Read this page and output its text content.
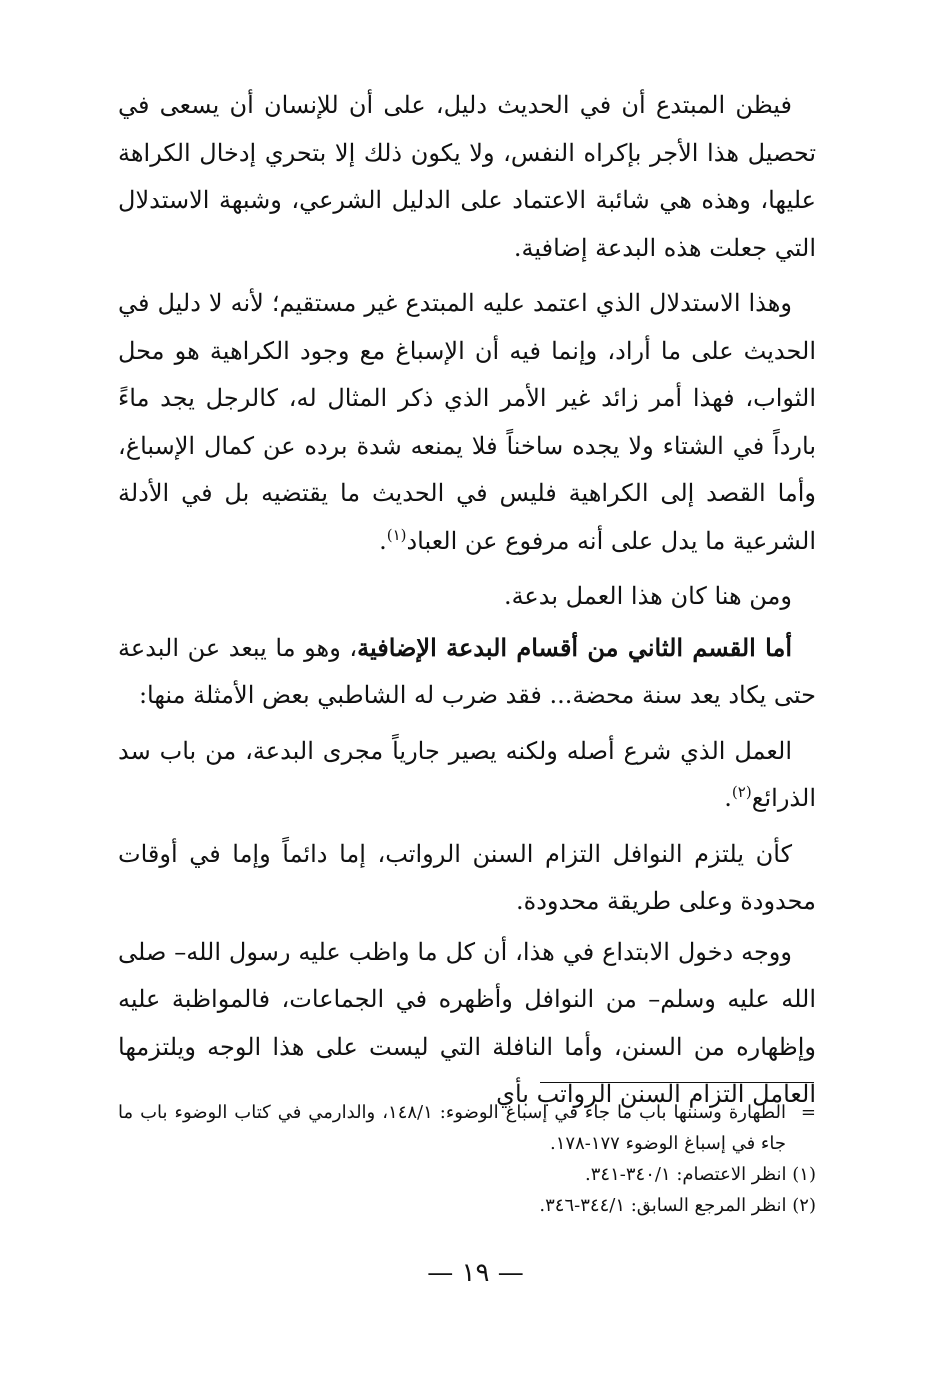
فيظن المبتدع أن في الحديث دليل، على أن للإنسان أن يسعى في تحصيل هذا الأجر بإكراه النفس، ولا يكون ذلك إلا بتحري إدخال الكراهة عليها، وهذه هي شائبة الاعتماد على الدليل الشرعي، وشبهة الاستدلال التي جعلت هذه البدعة إضافية.

وهذا الاستدلال الذي اعتمد عليه المبتدع غير مستقيم؛ لأنه لا دليل في الحديث على ما أراد، وإنما فيه أن الإسباغ مع وجود الكراهية هو محل الثواب، فهذا أمر زائد غير الأمر الذي ذكر المثال له، كالرجل يجد ماءً بارداً في الشتاء ولا يجده ساخناً فلا يمنعه شدة برده عن كمال الإسباغ، وأما القصد إلى الكراهية فليس في الحديث ما يقتضيه بل في الأدلة الشرعية ما يدل على أنه مرفوع عن العباد$^{(١)}$.

ومن هنا كان هذا العمل بدعة.

أما القسم الثاني من أقسام البدعة الإضافية، وهو ما يبعد عن البدعة حتى يكاد يعد سنة محضة... فقد ضرب له الشاطبي بعض الأمثلة منها:

العمل الذي شرع أصله ولكنه يصير جارياً مجرى البدعة، من باب سد الذرائع$^{(٢)}$.

كأن يلتزم النوافل التزام السنن الرواتب، إما دائماً وإما في أوقات محدودة وعلى طريقة محدودة.

ووجه دخول الابتداع في هذا، أن كل ما واظب عليه رسول الله– صلى الله عليه وسلم– من النوافل وأظهره في الجماعات، فالمواظبة عليه وإظهاره من السنن، وأما النافلة التي ليست على هذا الوجه ويلتزمها العامل التزام السنن الرواتب بأي

=الطهارة وسننها باب ما جاء في إسباغ الوضوء: ١٤٨/١، والدارمي في كتاب الوضوء باب ما جاء في إسباغ الوضوء ١٧٧-١٧٨.

(١) انظر الاعتصام: ٣٤٠/١-٣٤١.

(٢) انظر المرجع السابق: ٣٤٤/١-٣٤٦.

— ١٩ —
